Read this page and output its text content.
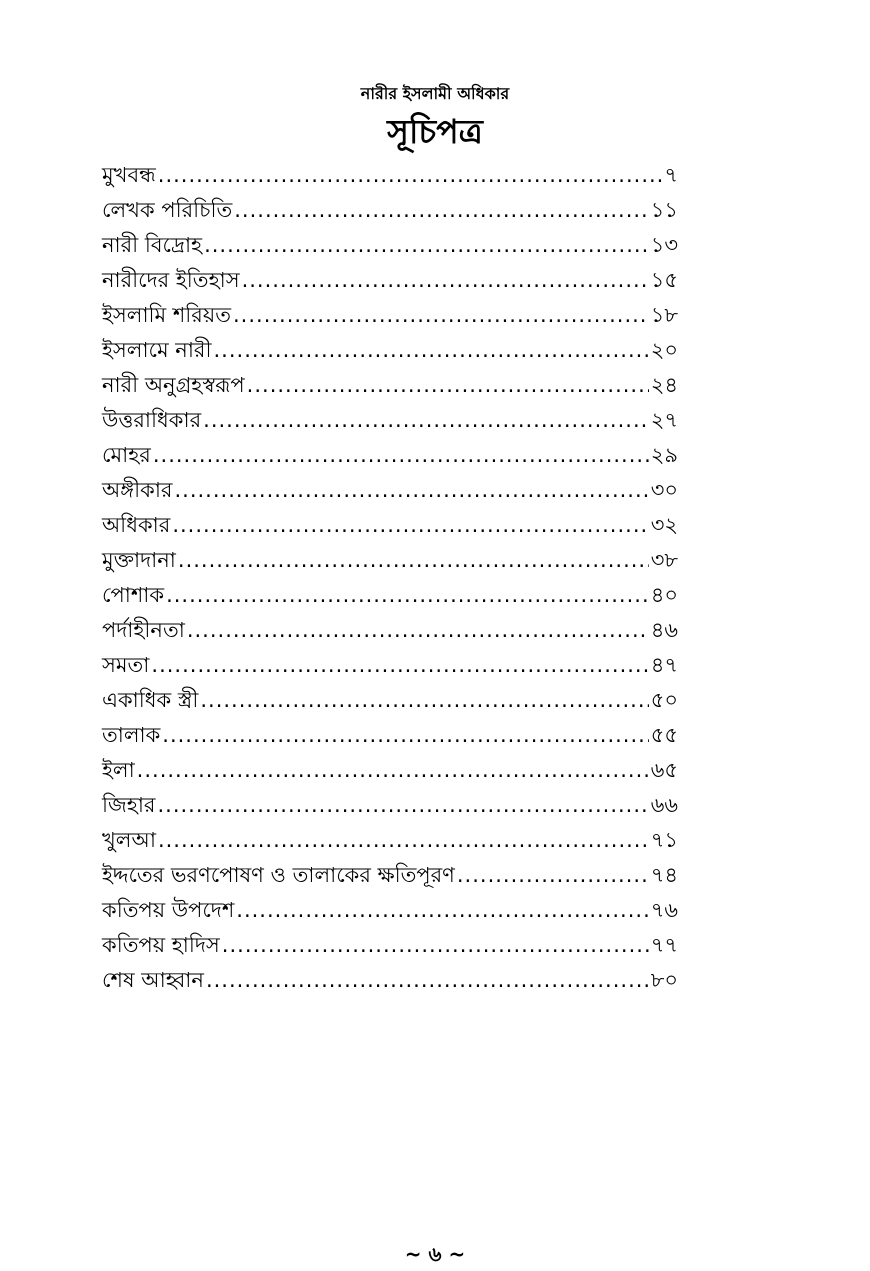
নারীর ইসলামী অধিকার
সূচিপত্র
মুখবন্ধ .....	৭
লেখক পরিচিতি .....	১১
নারী বিদ্রোহ .....	১৩
নারীদের ইতিহাস .....	১৫
ইসলামি শরিয়ত .....	১৮
ইসলামে নারী .....	২০
নারী অনুগ্রহস্বরূপ .....	২৪
উত্তরাধিকার .....	২৭
মোহর .....	২৯
অঙ্গীকার .....	৩০
অধিকার .....	৩২
মুক্তাদানা .....	৩৮
পোশাক .....	৪০
পর্দাহীনতা .....	৪৬
সমতা .....	৪৭
একাধিক স্ত্রী .....	৫০
তালাক .....	৫৫
ইলা .....	৬৫
জিহার .....	৬৬
খুলআ .....	৭১
ইদ্দতের ভরণপোষণ ও তালাকের ক্ষতিপূরণ .....	৭৪
কতিপয় উপদেশ .....	৭৬
কতিপয় হাদিস .....	৭৭
শেষ আহ্বান .....	৮০
~ ৬ ~
